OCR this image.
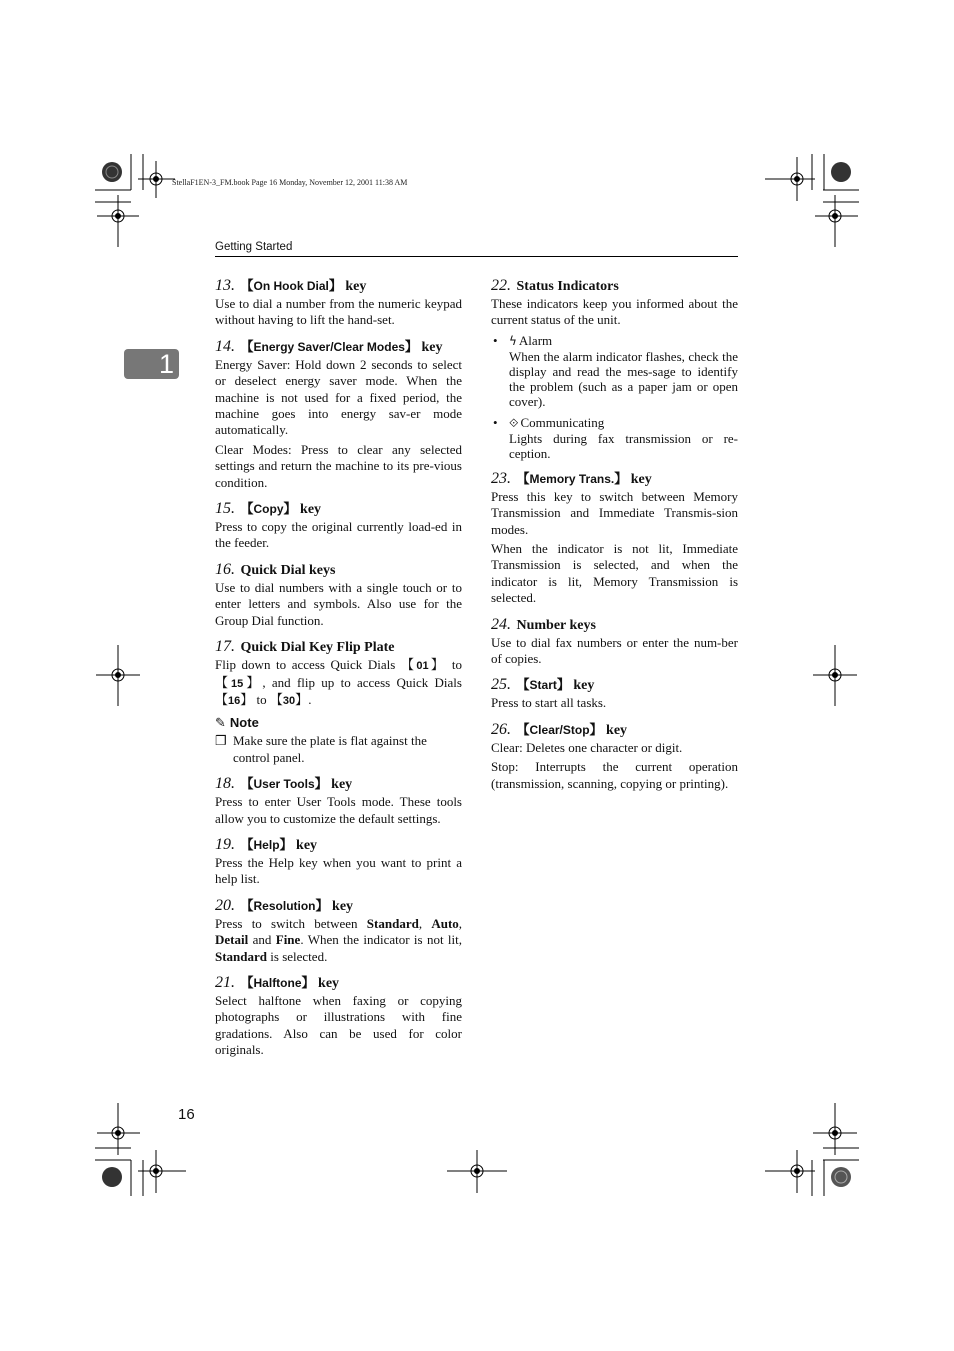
StellaF1EN-3_FM.book Page 16 Monday, November 12, 2001 11:38 AM
Getting Started
1
13. 【On Hook Dial】 key
Use to dial a number from the numeric keypad without having to lift the hand-set.
14. 【Energy Saver/Clear Modes】 key
Energy Saver: Hold down 2 seconds to select or deselect energy saver mode. When the machine is not used for a fixed period, the machine goes into energy sav-er mode automatically.
Clear Modes: Press to clear any selected settings and return the machine to its pre-vious condition.
15. 【Copy】 key
Press to copy the original currently load-ed in the feeder.
16. Quick Dial keys
Use to dial numbers with a single touch or to enter letters and symbols. Also use for the Group Dial function.
17. Quick Dial Key Flip Plate
Flip down to access Quick Dials 【01】 to 【15】, and flip up to access Quick Dials 【16】 to 【30】.
✎ Note
❒ Make sure the plate is flat against the control panel.
18. 【User Tools】 key
Press to enter User Tools mode. These tools allow you to customize the default settings.
19. 【Help】 key
Press the Help key when you want to print a help list.
20. 【Resolution】 key
Press to switch between Standard, Auto, Detail and Fine. When the indicator is not lit, Standard is selected.
21. 【Halftone】 key
Select halftone when faxing or copying photographs or illustrations with fine gradations. Also can be used for color originals.
22. Status Indicators
These indicators keep you informed about the current status of the unit.
• ϟ Alarm
When the alarm indicator flashes, check the display and read the mes-sage to identify the problem (such as a paper jam or open cover).
• ⟐ Communicating
Lights during fax transmission or re-ception.
23. 【Memory Trans.】 key
Press this key to switch between Memory Transmission and Immediate Transmis-sion modes.
When the indicator is not lit, Immediate Transmission is selected, and when the indicator is lit, Memory Transmission is selected.
24. Number keys
Use to dial fax numbers or enter the num-ber of copies.
25. 【Start】 key
Press to start all tasks.
26. 【Clear/Stop】 key
Clear: Deletes one character or digit.
Stop: Interrupts the current operation (transmission, scanning, copying or printing).
16
